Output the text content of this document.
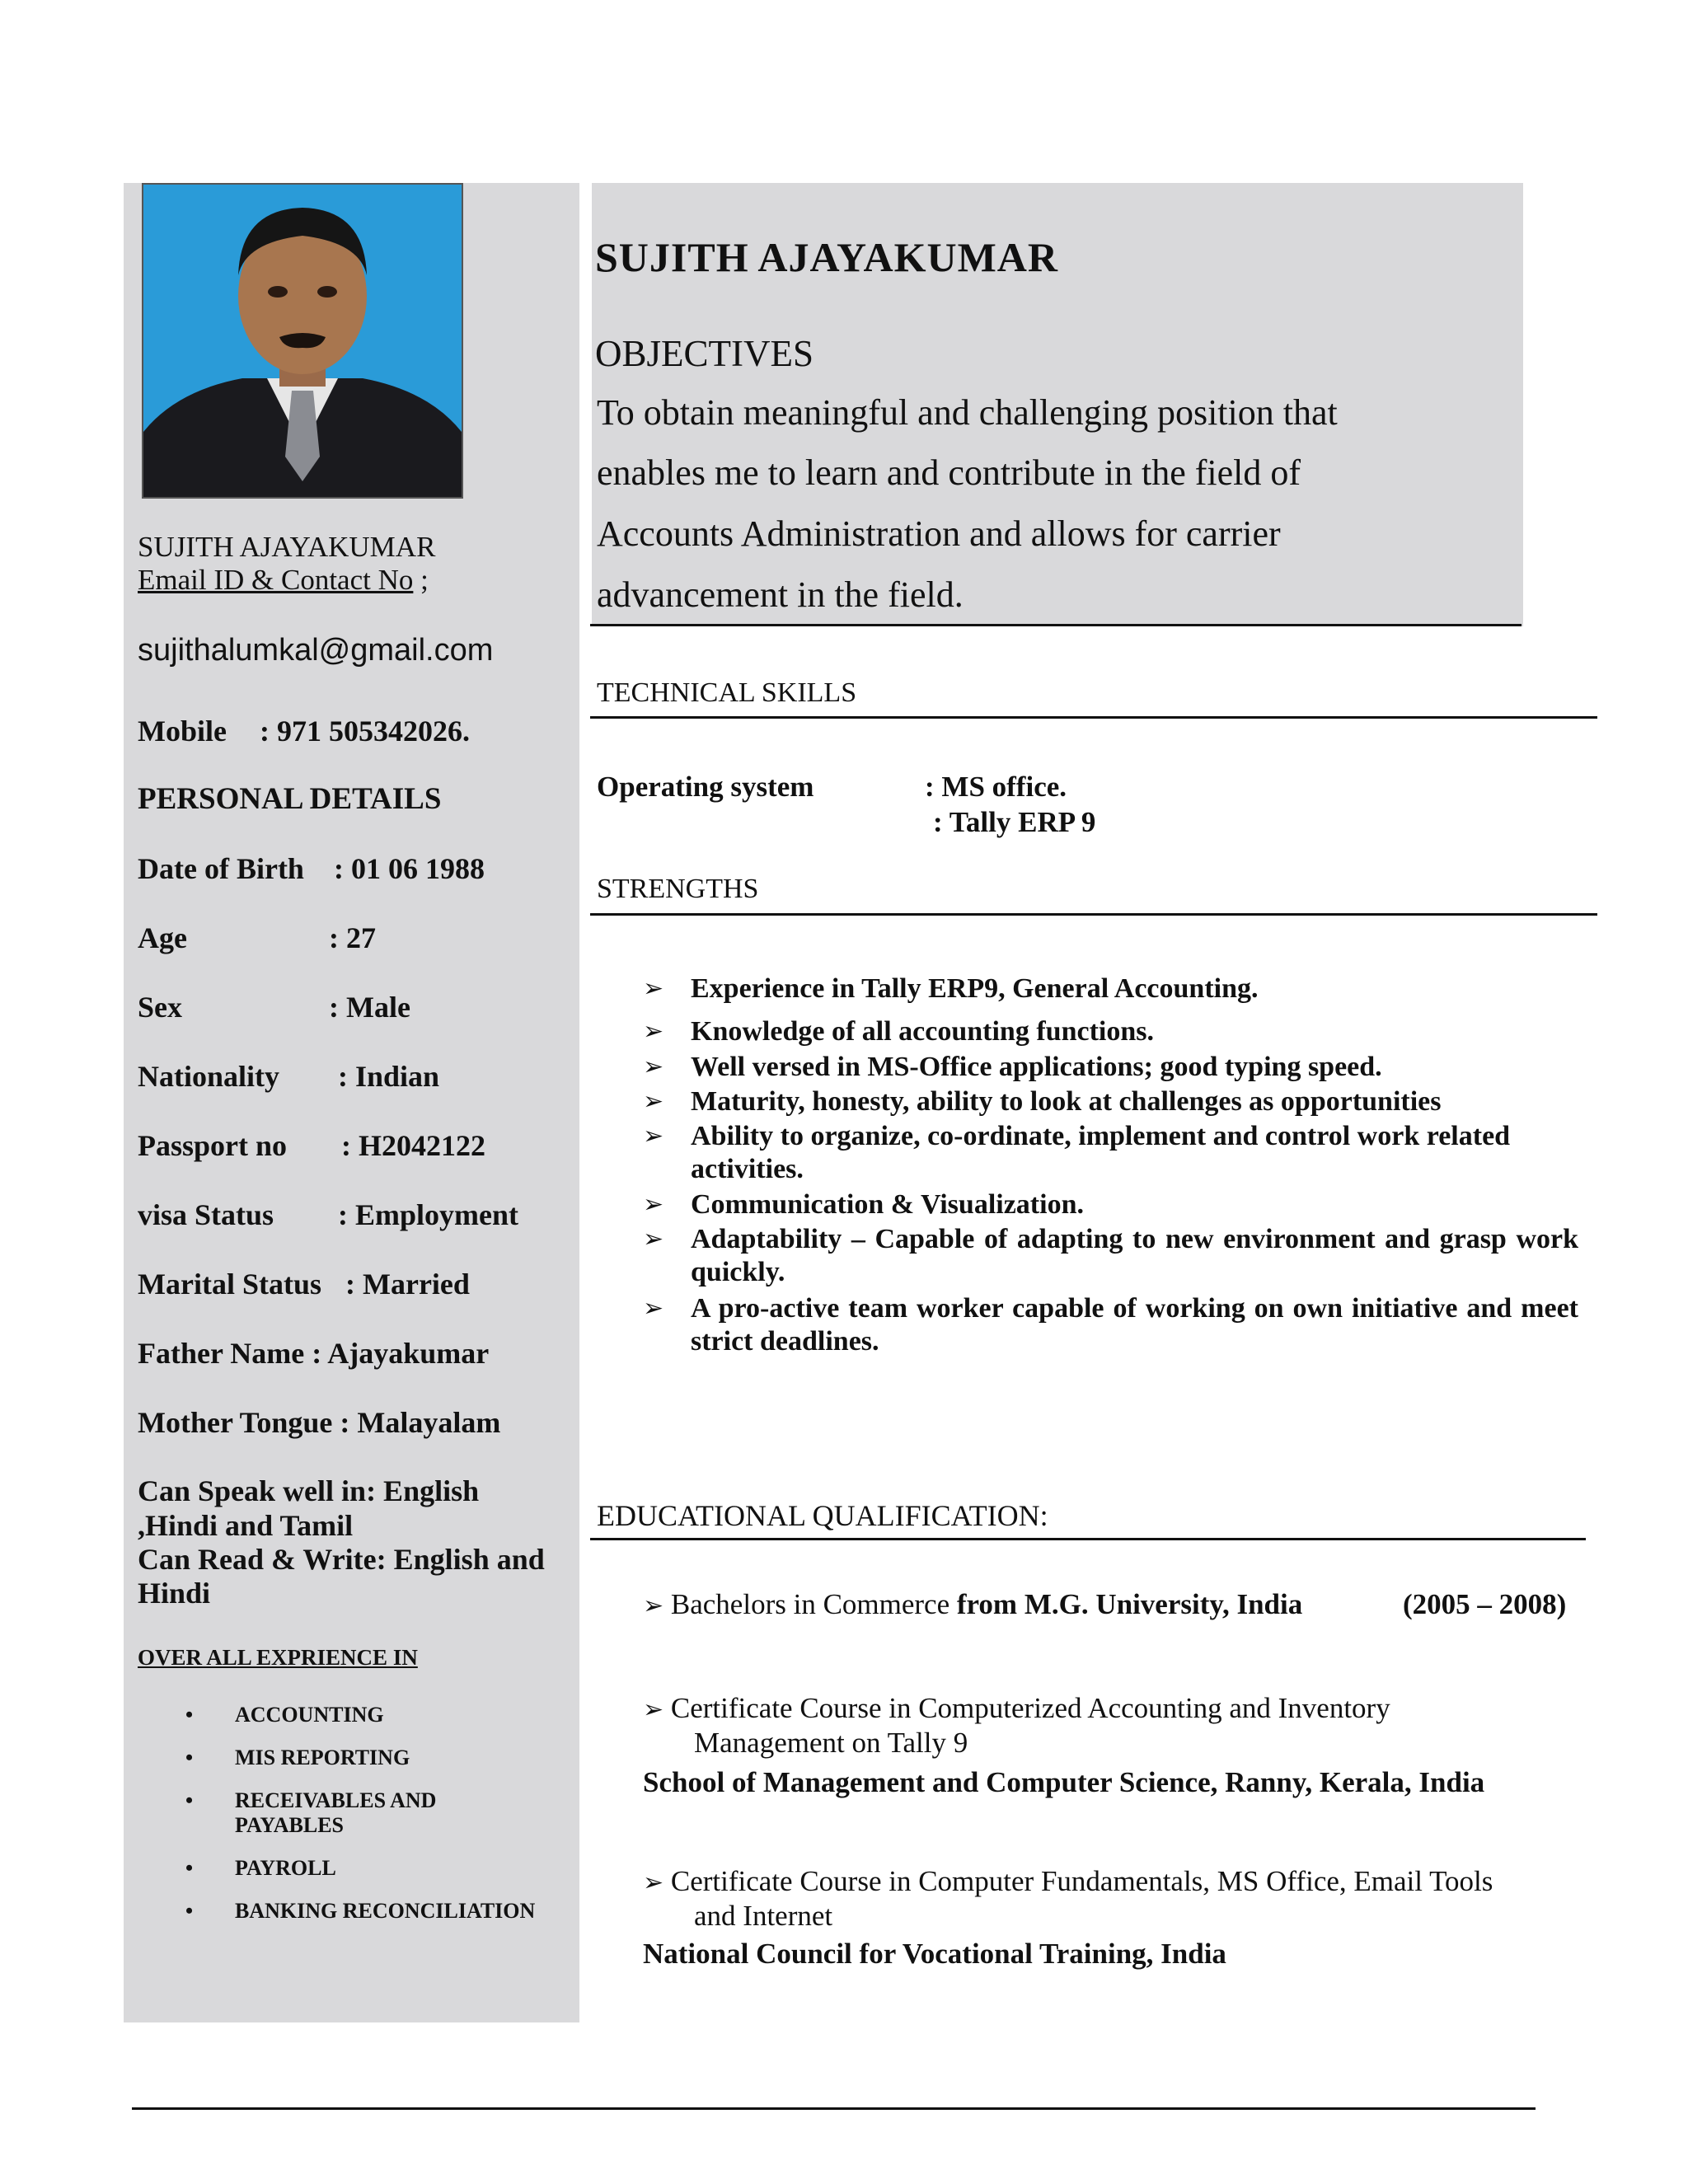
SUJITH AJAYAKUMAR
OBJECTIVES
To obtain meaningful and challenging position that
enables me to learn and contribute in the field of
Accounts Administration and allows for carrier
advancement in the field.
SUJITH AJAYAKUMAR
Email ID & Contact No ;
sujithalumkal@gmail.com
Mobile : 971 505342026.
PERSONAL DETAILS
Date of Birth : 01 06 1988
Age	: 27
Sex	: Male
Nationality : Indian
Passport no : H2042122
visa Status : Employment
Marital Status : Married
Father Name : Ajayakumar
Mother Tongue : Malayalam
Can Speak well in: English
,Hindi and Tamil
Can Read & Write: English and
Hindi
OVER ALL EXPRIENCE IN
• ACCOUNTING
• MIS REPORTING
• RECEIVABLES AND
PAYABLES
• PAYROLL
• BANKING RECONCILIATION
TECHNICAL SKILLS
Operating system	: MS office.
: Tally ERP 9
STRENGTHS
➢ Experience in Tally ERP9, General Accounting.
➢ Knowledge of all accounting functions.
➢ Well versed in MS-Office applications; good typing speed.
➢ Maturity, honesty, ability to look at challenges as opportunities
➢ Ability to organize, co-ordinate, implement and control work related activities.
➢ Communication & Visualization.
➢ Adaptability – Capable of adapting to new environment and grasp work quickly.
➢ A pro-active team worker capable of working on own initiative and meet strict deadlines.
EDUCATIONAL QUALIFICATION:
➢ Bachelors in Commerce from M.G. University, India	(2005 – 2008)
➢ Certificate Course in Computerized Accounting and Inventory
Management on Tally 9
School of Management and Computer Science, Ranny, Kerala, India
➢ Certificate Course in Computer Fundamentals, MS Office, Email Tools
and Internet
National Council for Vocational Training, India
